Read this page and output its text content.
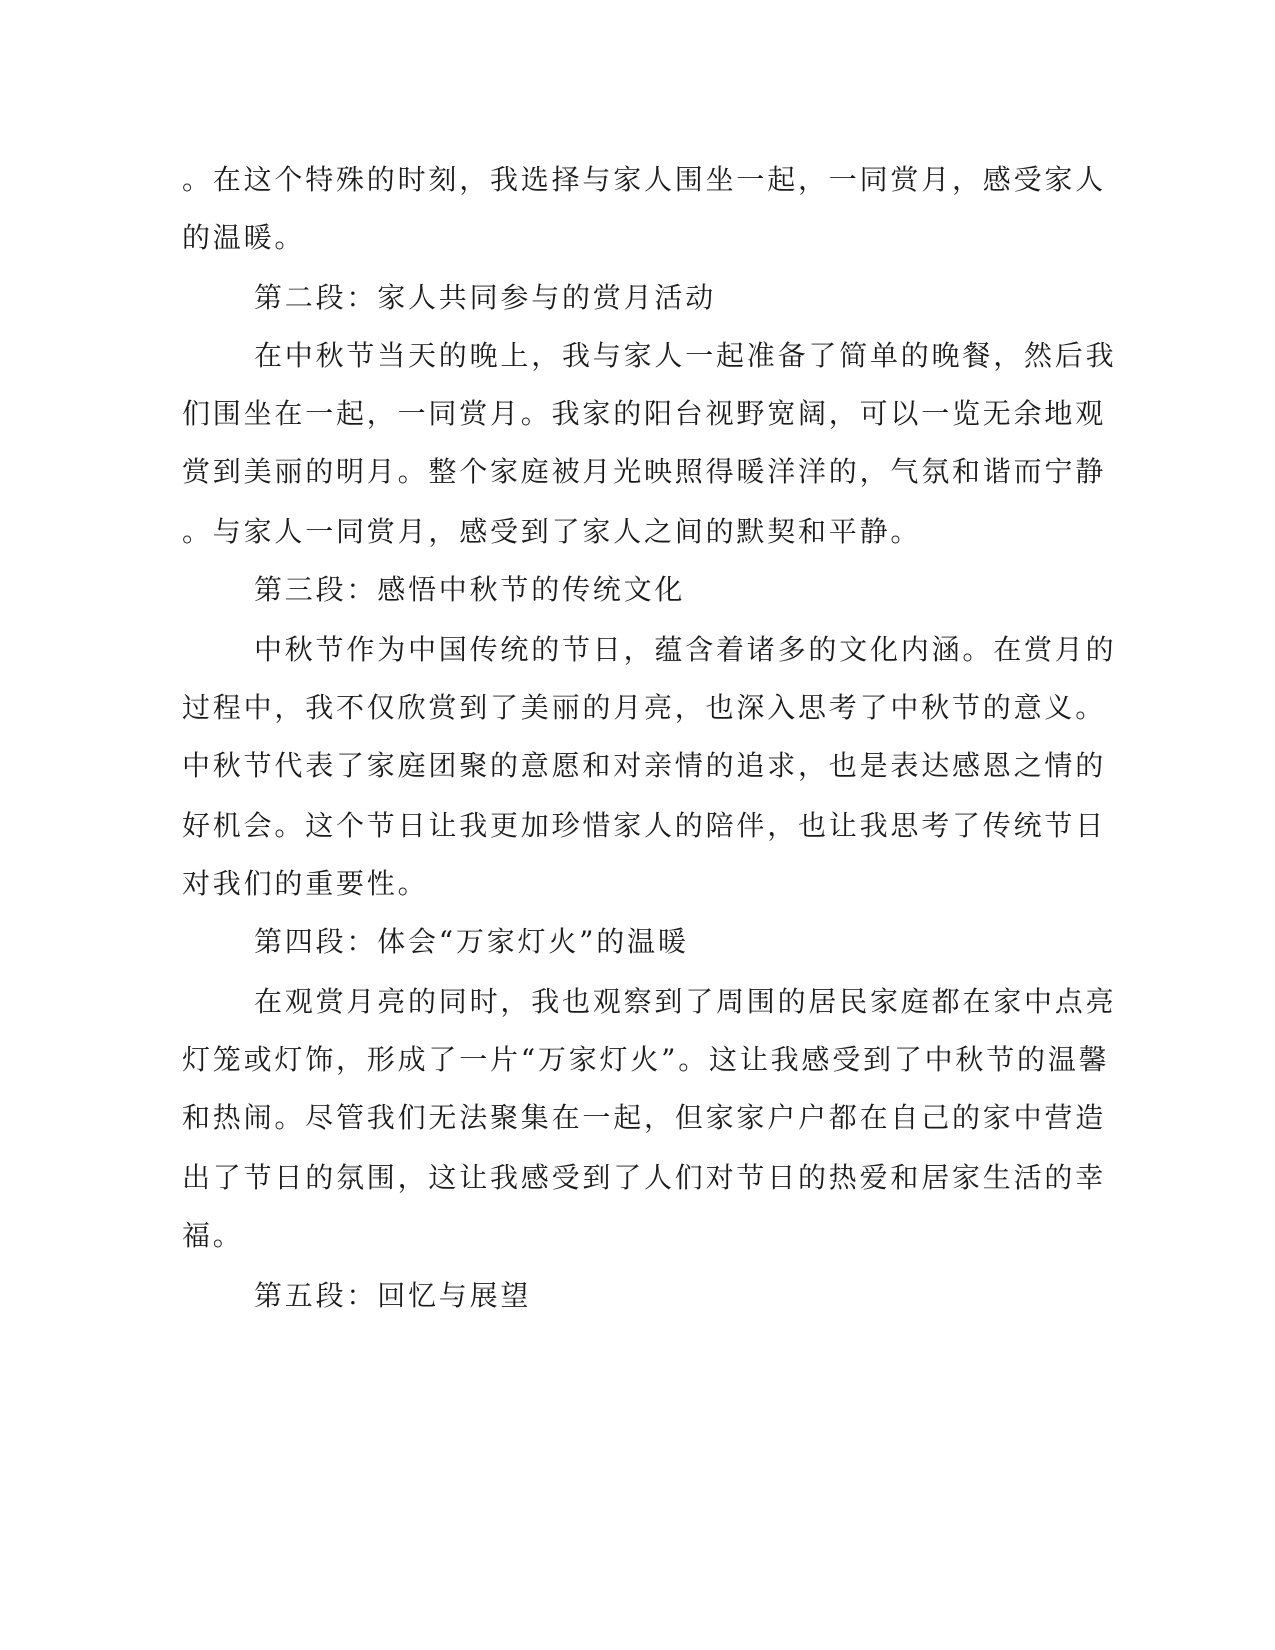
。在这个特殊的时刻，我选择与家人围坐一起，一同赏月，感受家人
的温暖。
第二段：家人共同参与的赏月活动
在中秋节当天的晚上，我与家人一起准备了简单的晚餐，然后我
们围坐在一起，一同赏月。我家的阳台视野宽阔，可以一览无余地观
赏到美丽的明月。整个家庭被月光映照得暖洋洋的，气氛和谐而宁静
。与家人一同赏月，感受到了家人之间的默契和平静。
第三段：感悟中秋节的传统文化
中秋节作为中国传统的节日，蕴含着诸多的文化内涵。在赏月的
过程中，我不仅欣赏到了美丽的月亮，也深入思考了中秋节的意义。
中秋节代表了家庭团聚的意愿和对亲情的追求，也是表达感恩之情的
好机会。这个节日让我更加珍惜家人的陪伴，也让我思考了传统节日
对我们的重要性。
第四段：体会“万家灯火”的温暖
在观赏月亮的同时，我也观察到了周围的居民家庭都在家中点亮
灯笼或灯饰，形成了一片“万家灯火”。这让我感受到了中秋节的温馨
和热闹。尽管我们无法聚集在一起，但家家户户都在自己的家中营造
出了节日的氛围，这让我感受到了人们对节日的热爱和居家生活的幸
福。
第五段：回忆与展望
